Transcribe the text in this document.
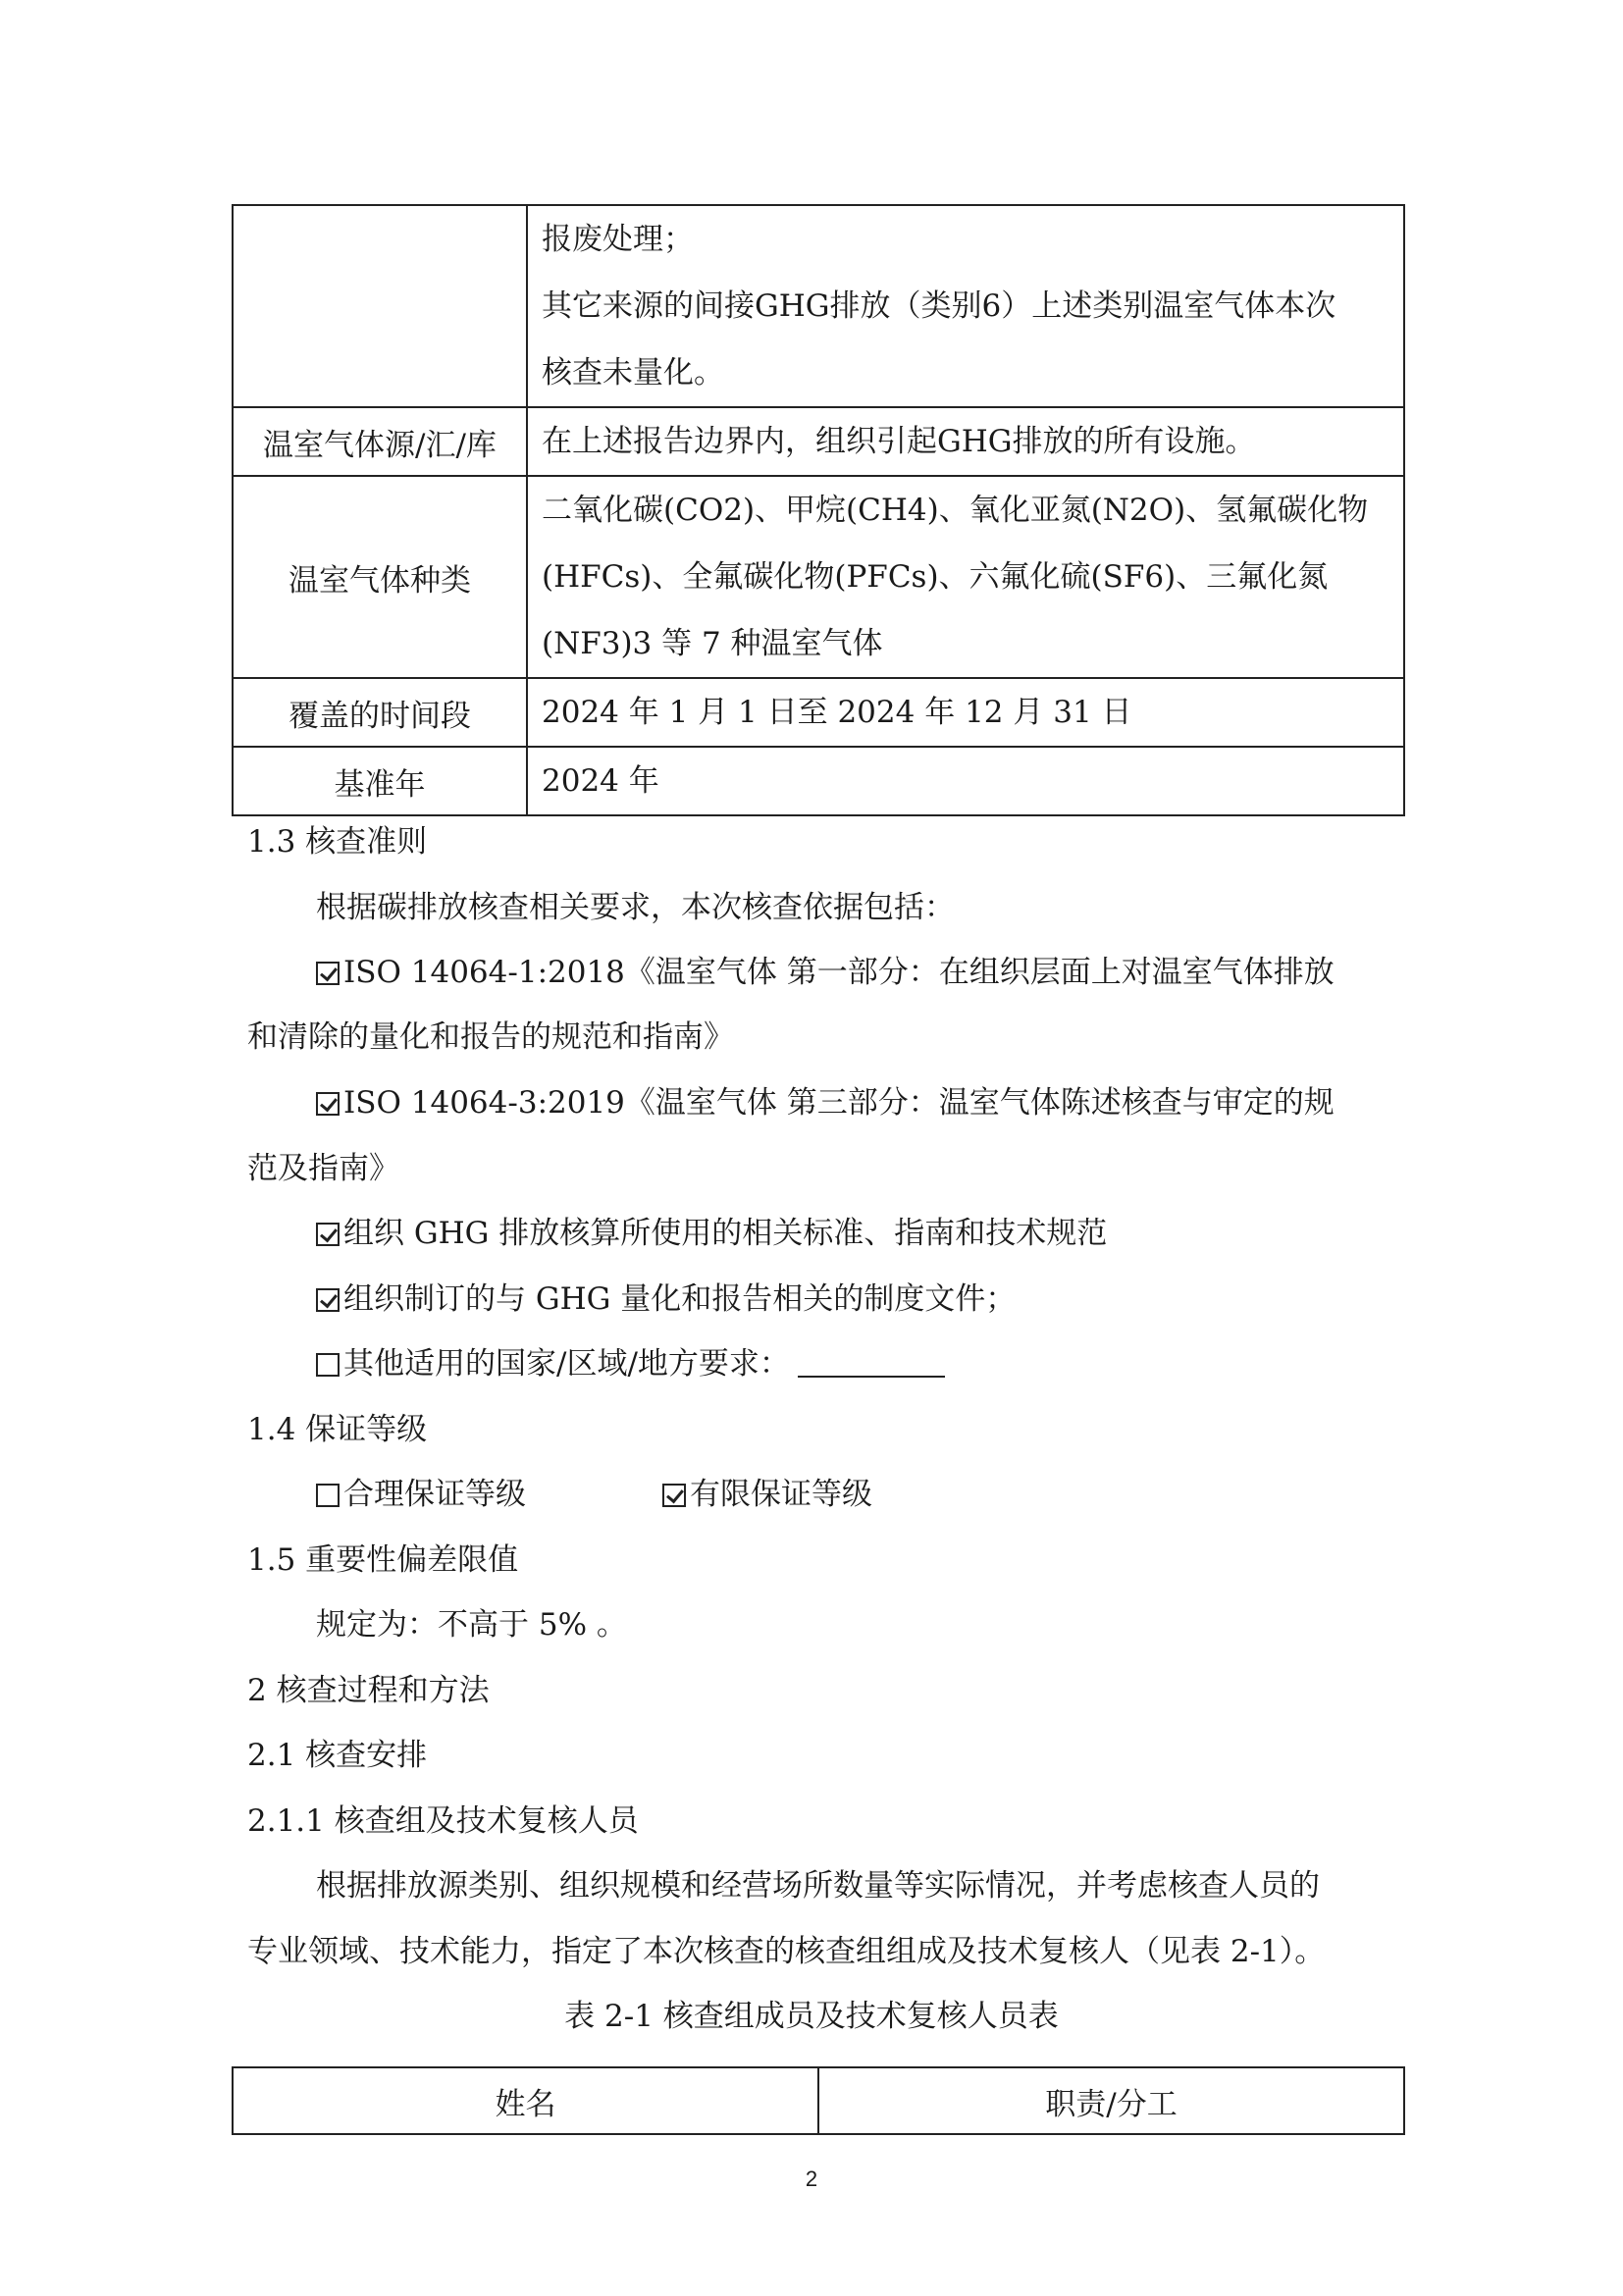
	报废处理；
其它来源的间接GHG排放（类别6）上述类别温室气体本次
核查未量化。

温室气体源/汇/库	在上述报告边界内，组织引起GHG排放的所有设施。
温室气体种类	二氧化碳(CO2)、甲烷(CH4)、氧化亚氮(N2O)、氢氟碳化物
(HFCs)、全氟碳化物(PFCs)、六氟化硫(SF6)、三氟化氮
(NF3)3 等 7 种温室气体

覆盖的时间段	2024 年 1 月 1 日至 2024 年 12 月 31 日
基准年	2024 年
1.3 核查准则
根据碳排放核查相关要求，本次核查依据包括：
ISO 14064-1:2018《温室气体 第一部分：在组织层面上对温室气体排放
和清除的量化和报告的规范和指南》
ISO 14064-3:2019《温室气体 第三部分：温室气体陈述核查与审定的规
范及指南》
组织 GHG 排放核算所使用的相关标准、指南和技术规范
组织制订的与 GHG 量化和报告相关的制度文件；
其他适用的国家/区域/地方要求：
1.4 保证等级
合理保证等级	有限保证等级
1.5 重要性偏差限值
规定为：不高于 5% 。
2 核查过程和方法
2.1 核查安排
2.1.1 核查组及技术复核人员
根据排放源类别、组织规模和经营场所数量等实际情况，并考虑核查人员的
专业领域、技术能力，指定了本次核查的核查组组成及技术复核人（见表 2-1）。
表 2-1 核查组成员及技术复核人员表
姓名	职责/分工
2
